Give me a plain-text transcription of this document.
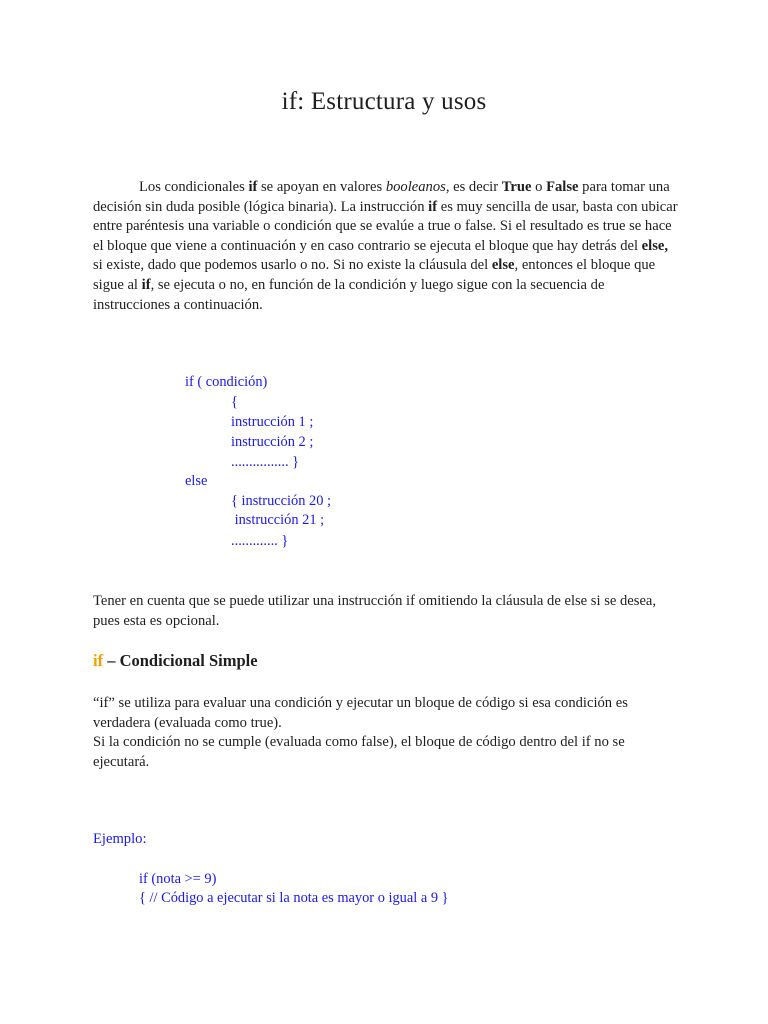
if: Estructura y usos

Los condicionales if se apoyan en valores booleanos, es decir True o False para tomar una decisión sin duda posible (lógica binaria). La instrucción if es muy sencilla de usar, basta con ubicar entre paréntesis una variable o condición que se evalúe a true o false. Si el resultado es true se hace el bloque que viene a continuación y en caso contrario se ejecuta el bloque que hay detrás del else, si existe, dado que podemos usarlo o no. Si no existe la cláusula del else, entonces el bloque que sigue al if, se ejecuta o no, en función de la condición y luego sigue con la secuencia de instrucciones a continuación.

if ( condición)

{

instrucción 1 ;

instrucción 2 ;

................ }

else

{ instrucción 20 ;

instrucción 21 ;

............. }

Tener en cuenta que se puede utilizar una instrucción if omitiendo la cláusula de else si se desea, pues esta es opcional.

if – Condicional Simple

“if” se utiliza para evaluar una condición y ejecutar un bloque de código si esa condición es verdadera (evaluada como true).
Si la condición no se cumple (evaluada como false), el bloque de código dentro del if no se ejecutará.

Ejemplo:

if (nota >= 9)

{ // Código a ejecutar si la nota es mayor o igual a 9 }
